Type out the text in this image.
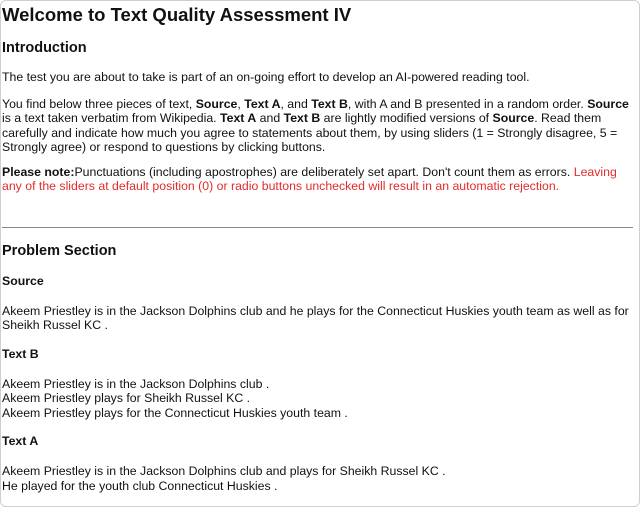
Welcome to Text Quality Assessment IV
Introduction

The test you are about to take is part of an on-going effort to develop an AI-powered reading tool.

You find below three pieces of text, Source, Text A, and Text B, with A and B presented in a random order. Source is a text taken verbatim from Wikipedia. Text A and Text B are lightly modified versions of Source. Read them carefully and indicate how much you agree to statements about them, by using sliders (1 = Strongly disagree, 5 = Strongly agree) or respond to questions by clicking buttons.

Please note:Punctuations (including apostrophes) are deliberately set apart. Don't count them as errors. Leaving any of the sliders at default position (0) or radio buttons unchecked will result in an automatic rejection.

Problem Section
Source
Akeem Priestley is in the Jackson Dolphins club and he plays for the Connecticut Huskies youth team as well as for Sheikh Russel KC .
Text B
Akeem Priestley is in the Jackson Dolphins club .
Akeem Priestley plays for Sheikh Russel KC .
Akeem Priestley plays for the Connecticut Huskies youth team .
Text A
Akeem Priestley is in the Jackson Dolphins club and plays for Sheikh Russel KC .
He played for the youth club Connecticut Huskies .
